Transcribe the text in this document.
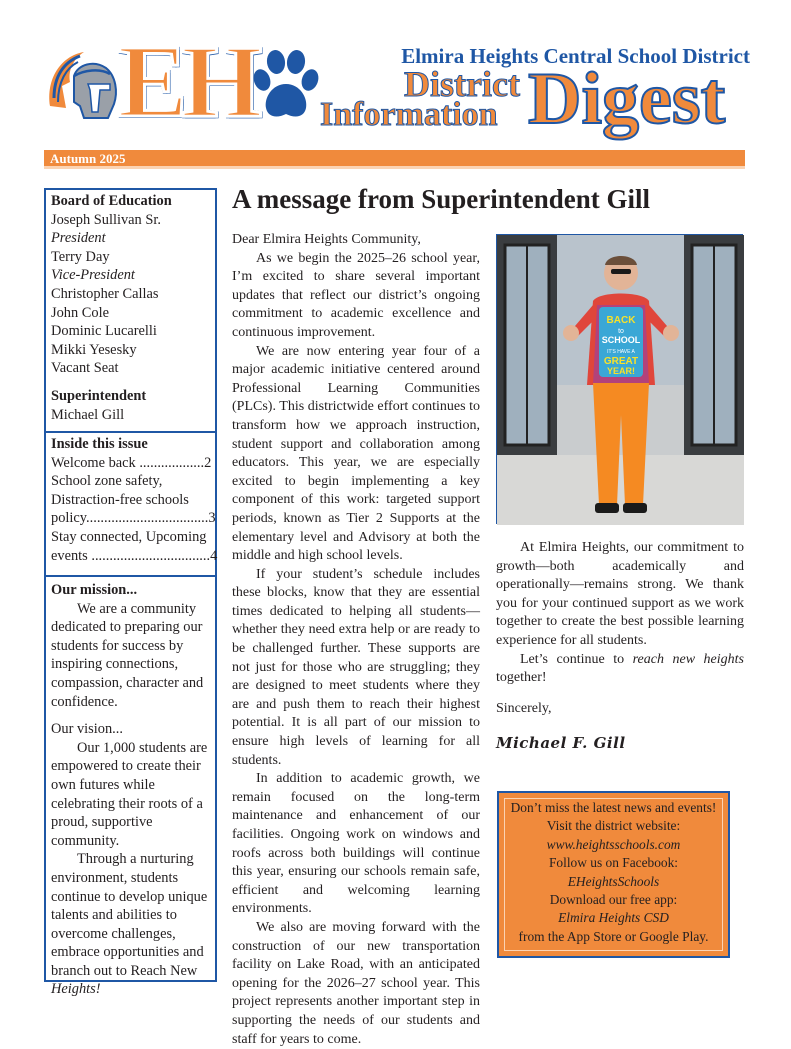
EH	Elmira Heights Central School District
District
Information Digest
Autumn 2025
Board of Education
Joseph Sullivan Sr.
President
Terry Day
Vice-President
Christopher Callas
John Cole
Dominic Lucarelli
Mikki Yesesky
Vacant Seat
Superintendent
Michael Gill
Inside this issue
Welcome back ..................2
School zone safety,
Distraction-free schools
policy..................................3
Stay connected, Upcoming
events .................................4
Our mission...
We are a community dedicated to preparing our students for success by inspiring connections, compassion, character and confidence.
Our vision...
Our 1,000 students are empowered to create their own futures while celebrating their roots of a proud, supportive community.
Through a nurturing environment, students continue to develop unique talents and abilities to overcome challenges, embrace opportunities and branch out to Reach New Heights!
A message from Superintendent Gill

Dear Elmira Heights Community,

As we begin the 2025–26 school year, I’m excited to share several important updates that reflect our district’s ongoing commitment to academic excellence and continuous improvement.

We are now entering year four of a major academic initiative centered around Professional Learning Communities (PLCs). This districtwide effort continues to transform how we approach instruction, student support and collaboration among educators. This year, we are especially excited to begin implementing a key component of this work: targeted support periods, known as Tier 2 Supports at the elementary level and Advisory at both the middle and high school levels.

If your student’s schedule includes these blocks, know that they are essential times dedicated to helping all students—whether they need extra help or are ready to be challenged further. These supports are not just for those who are struggling; they are designed to meet students where they are and push them to reach their highest potential. It is all part of our mission to ensure high levels of learning for all students.

In addition to academic growth, we remain focused on the long-term maintenance and enhancement of our facilities. Ongoing work on windows and roofs across both buildings will continue this year, ensuring our schools remain safe, efficient and welcoming learning environments.

We also are moving forward with the construction of our new transportation facility on Lake Road, with an anticipated opening for the 2026–27 school year. This project represents another important step in supporting the needs of our students and staff for years to come.

BACK
to
SCHOOL
IT'S HAVE A
GREAT
YEAR!

At Elmira Heights, our commitment to growth—both academically and operationally—remains strong. We thank you for your continued support as we work together to create the best possible learning experience for all students.

Let’s continue to reach new heights together!

Sincerely,

Michael F. Gill
Don’t miss the latest news and events!
Visit the district website:
www.heightsschools.com
Follow us on Facebook:
EHeightsSchools
Download our free app:
Elmira Heights CSD
from the App Store or Google Play.
